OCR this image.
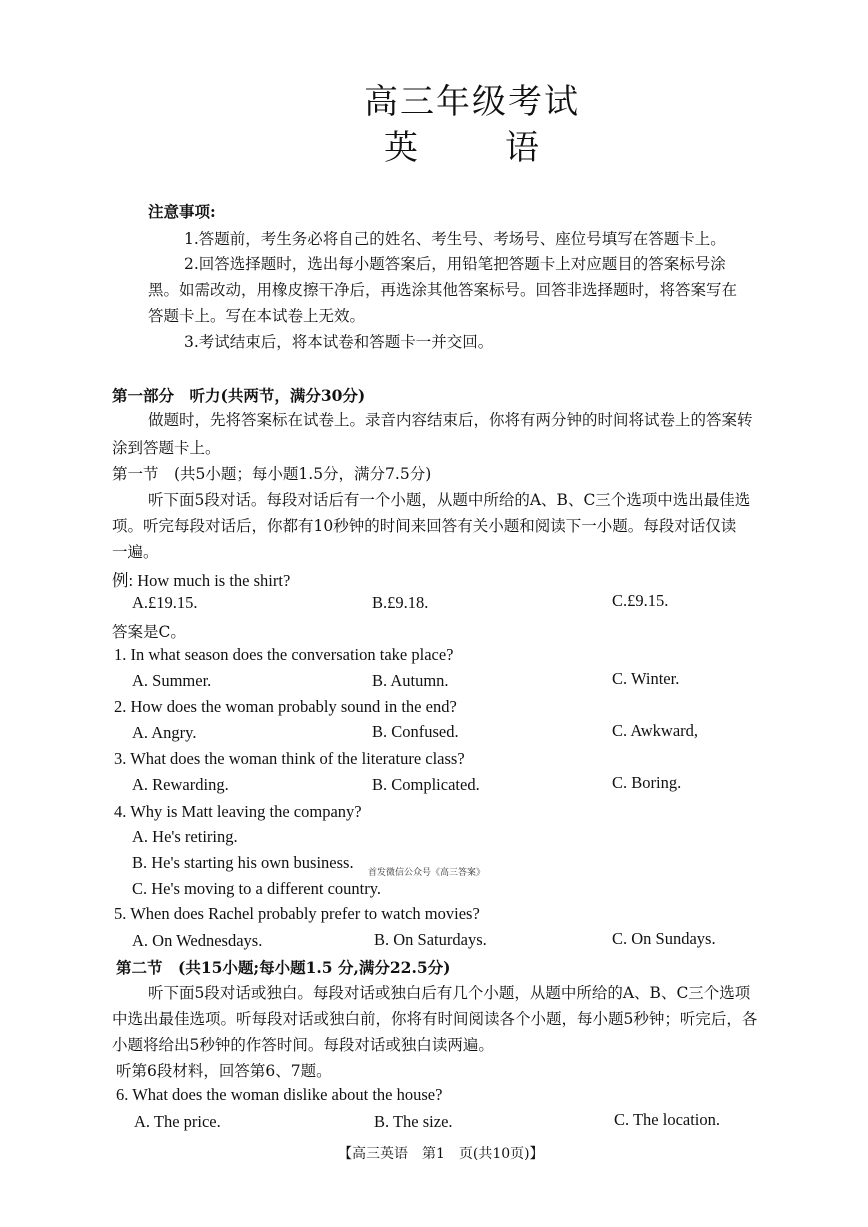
高三年级考试
英	语
注意事项:
1.答题前，考生务必将自己的姓名、考生号、考场号、座位号填写在答题卡上。
2.回答选择题时，选出每小题答案后，用铅笔把答题卡上对应题目的答案标号涂
黑。如需改动，用橡皮擦干净后，再选涂其他答案标号。回答非选择题时，将答案写在
答题卡上。写在本试卷上无效。
3.考试结束后，将本试卷和答题卡一并交回。
第一部分　听力(共两节，满分30分)
做题时，先将答案标在试卷上。录音内容结束后，你将有两分钟的时间将试卷上的答案转
涂到答题卡上。
第一节　(共5小题；每小题1.5分，满分7.5分)
听下面5段对话。每段对话后有一个小题，从题中所给的A、B、C三个选项中选出最佳选
项。听完每段对话后，你都有10秒钟的时间来回答有关小题和阅读下一小题。每段对话仅读
一遍。
例: How much is the shirt?
A.£19.15.	B.£9.18.	C.£9.15.
答案是C。
1. In what season does the conversation take place?
A. Summer.	B. Autumn.	C. Winter.
2. How does the woman probably sound in the end?
A. Angry.	B. Confused.	C. Awkward,
3. What does the woman think of the literature class?
A. Rewarding.	B. Complicated.	C. Boring.
4. Why is Matt leaving the company?
A. He's retiring.
B. He's starting his own business.
首发微信公众号《高三答案》
C. He's moving to a different country.
5. When does Rachel probably prefer to watch movies?
A. On Wednesdays.	B. On Saturdays.	C. On Sundays.
第二节　(共15小题;每小题1.5 分,满分22.5分)
听下面5段对话或独白。每段对话或独白后有几个小题，从题中所给的A、B、C三个选项
中选出最佳选项。听每段对话或独白前，你将有时间阅读各个小题，每小题5秒钟；听完后，各
小题将给出5秒钟的作答时间。每段对话或独白读两遍。
听第6段材料，回答第6、7题。
6. What does the woman dislike about the house?
A. The price.	B. The size.	C. The location.
【高三英语　第1　页(共10页)】
